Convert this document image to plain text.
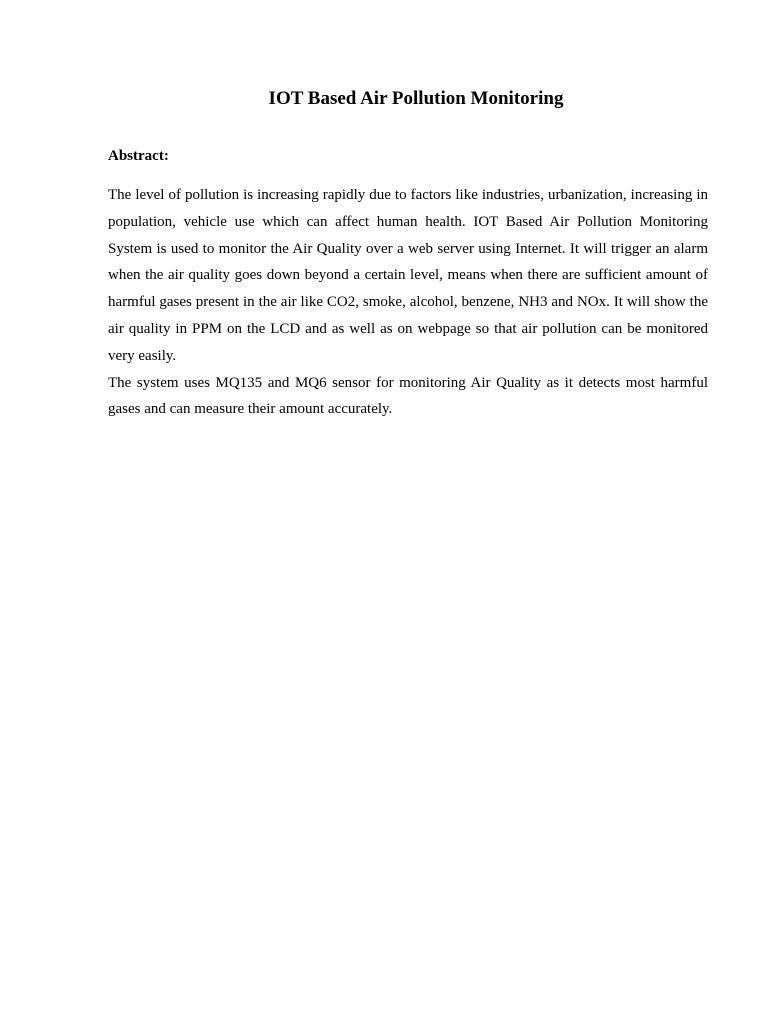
IOT Based Air Pollution Monitoring
Abstract:

The level of pollution is increasing rapidly due to factors like industries, urbanization, increasing in population, vehicle use which can affect human health. IOT Based Air Pollution Monitoring System is used to monitor the Air Quality over a web server using Internet. It will trigger an alarm when the air quality goes down beyond a certain level, means when there are sufficient amount of harmful gases present in the air like CO2, smoke, alcohol, benzene, NH3 and NOx. It will show the air quality in PPM on the LCD and as well as on webpage so that air pollution can be monitored very easily.

The system uses MQ135 and MQ6 sensor for monitoring Air Quality as it detects most harmful gases and can measure their amount accurately.
